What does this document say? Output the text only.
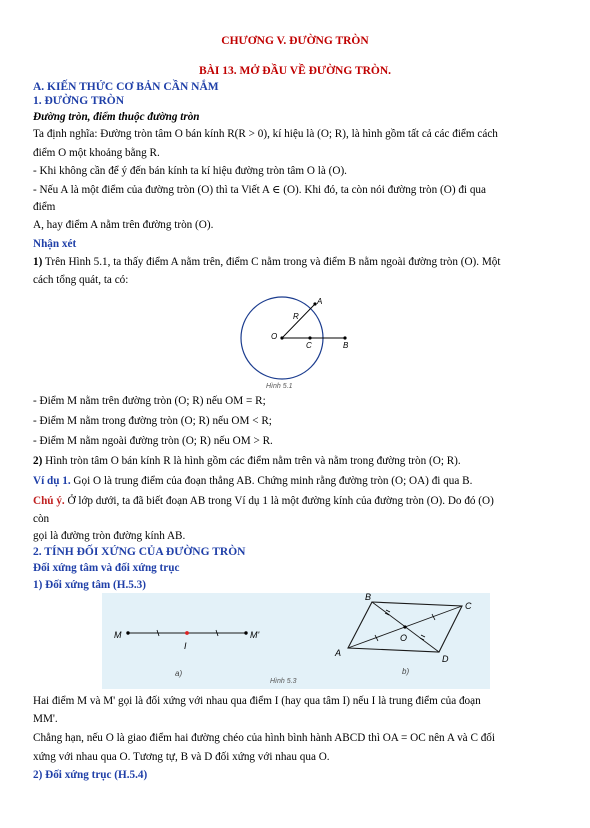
CHƯƠNG V. ĐƯỜNG TRÒN
BÀI 13. MỞ ĐẦU VỀ ĐƯỜNG TRÒN.
A. KIẾN THỨC CƠ BẢN CẦN NẮM
1. ĐƯỜNG TRÒN
Đường tròn, điểm thuộc đường tròn
Ta định nghĩa: Đường tròn tâm O bán kính R(R > 0), kí hiệu là (O; R), là hình gồm tất cả các điểm cách
điểm O một khoảng bằng R.
- Khi không cần để ý đến bán kính ta kí hiệu đường tròn tâm O là (O).
- Nếu A là một điểm của đường tròn (O) thì ta Viết A ∈ (O). Khi đó, ta còn nói đường tròn (O) đi qua
điểm
A, hay điểm A nằm trên đường tròn (O).
Nhận xét
1) Trên Hình 5.1, ta thấy điểm A nằm trên, điểm C nằm trong và điểm B nằm ngoài đường tròn (O). Một
cách tổng quát, ta có:
A
R
O
C	B
Hình 5.1
- Điểm M nằm trên đường tròn (O; R) nếu OM = R;
- Điểm M nằm trong đường tròn (O; R) nếu OM < R;
- Điểm M nằm ngoài đường tròn (O; R) nếu OM > R.
2) Hình tròn tâm O bán kính R là hình gồm các điểm nằm trên và nằm trong đường tròn (O; R).
Ví dụ 1. Gọi O là trung điểm của đoạn thẳng AB. Chứng minh rằng đường tròn (O; OA) đi qua B.
Chú ý. Ở lớp dưới, ta đã biết đoạn AB trong Ví dụ 1 là một đường kính của đường tròn (O). Do đó (O)
còn
gọi là đường tròn đường kính AB.
2. TÍNH ĐỐI XỨNG CỦA ĐƯỜNG TRÒN
Đối xứng tâm và đối xứng trục
1) Đối xứng tâm (H.5.3)
M
I
M'
a)
B
C
D
A
O
b)
Hình 5.3
Hai điểm M và M' gọi là đối xứng với nhau qua điểm I (hay qua tâm I) nếu I là trung điểm của đoạn
MM'.
Chẳng hạn, nếu O là giao điểm hai đường chéo của hình bình hành ABCD thì OA = OC nên A và C đối
xứng với nhau qua O. Tương tự, B và D đối xứng với nhau qua O.
2) Đối xứng trục (H.5.4)
